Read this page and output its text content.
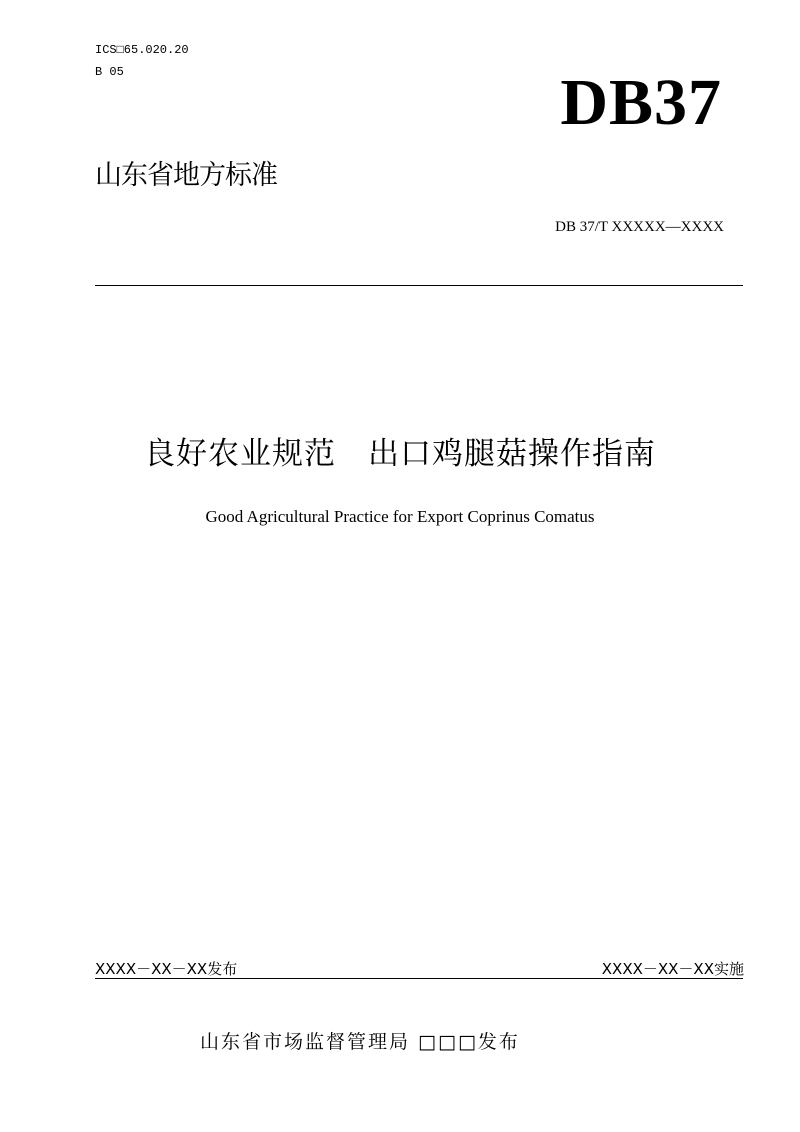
ICS□65.020.20
B 05	DB37
山东省地方标准
DB 37/T XXXXX—XXXX
良好农业规范　出口鸡腿菇操作指南
Good Agricultural Practice for Export Coprinus Comatus
XXXX－XX－XX发布	XXXX－XX－XX实施
山东省市场监督管理局 □□□发布
